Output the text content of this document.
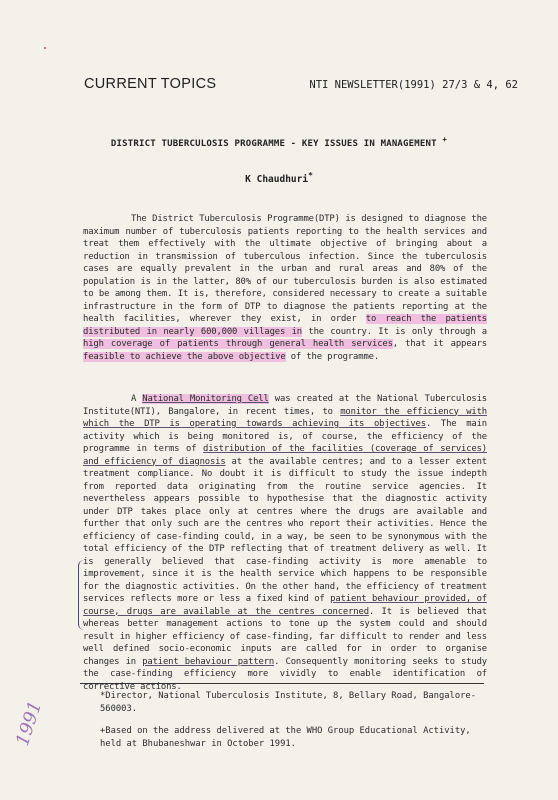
CURRENT TOPICS	NTI NEWSLETTER(1991) 27/3 & 4, 62
DISTRICT TUBERCULOSIS PROGRAMME - KEY ISSUES IN MANAGEMENT +
K Chaudhuri*

The District Tuberculosis Programme(DTP) is designed to diagnose the maximum number of tuberculosis patients reporting to the health services and treat them effectively with the ultimate objective of bringing about a reduction in transmission of tuberculous infection. Since the tuberculosis cases are equally prevalent in the urban and rural areas and 80% of the population is in the latter, 80% of our tuberculosis burden is also estimated to be among them. It is, therefore, considered necessary to create a suitable infrastructure in the form of DTP to diagnose the patients reporting at the health facilities, wherever they exist, in order to reach the patients distributed in nearly 600,000 villages in the country. It is only through a high coverage of patients through general health services, that it appears feasible to achieve the above objective of the programme.

A National Monitoring Cell was created at the National Tuberculosis Institute(NTI), Bangalore, in recent times, to monitor the efficiency with which the DTP is operating towards achieving its objectives. The main activity which is being monitored is, of course, the efficiency of the programme in terms of distribution of the facilities (coverage of services) and efficiency of diagnosis at the available centres; and to a lesser extent treatment compliance. No doubt it is difficult to study the issue indepth from reported data originating from the routine service agencies. It nevertheless appears possible to hypothesise that the diagnostic activity under DTP takes place only at centres where the drugs are available and further that only such are the centres who report their activities. Hence the efficiency of case-finding could, in a way, be seen to be synonymous with the total efficiency of the DTP reflecting that of treatment delivery as well. It is generally believed that case-finding activity is more amenable to improvement, since it is the health service which happens to be responsible for the diagnostic activities. On the other hand, the efficiency of treatment services reflects more or less a fixed kind of patient behaviour provided, of course, drugs are available at the centres concerned. It is believed that whereas better management actions to tone up the system could and should result in higher efficiency of case-finding, far difficult to render and less well defined socio-economic inputs are called for in order to organise changes in patient behaviour pattern. Consequently monitoring seeks to study the case-finding efficiency more vividly to enable identification of corrective actions.

*Director, National Tuberculosis Institute, 8, Bellary Road, Bangalore-560003.
+Based on the address delivered at the WHO Group Educational Activity, held at Bhubaneshwar in October 1991.
1991
